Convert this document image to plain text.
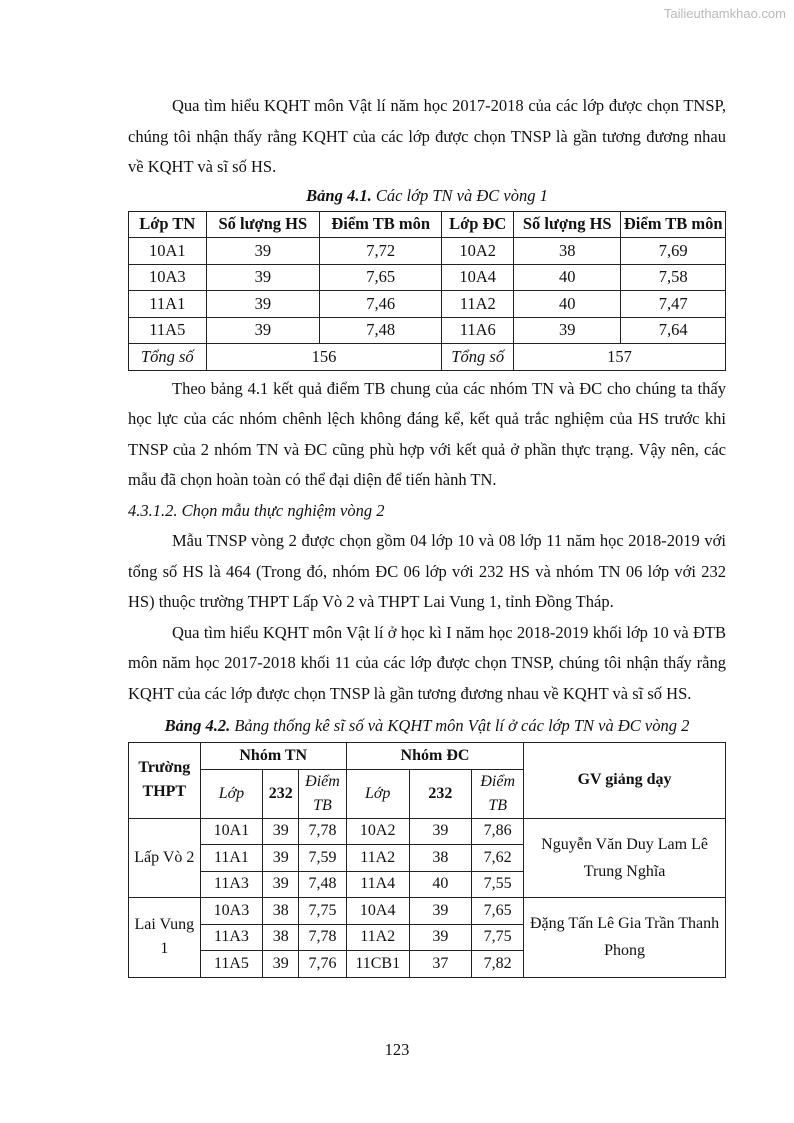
Tailieuthamkhao.com

Qua tìm hiểu KQHT môn Vật lí năm học 2017-2018 của các lớp được chọn TNSP, chúng tôi nhận thấy rằng KQHT của các lớp được chọn TNSP là gần tương đương nhau về KQHT và sĩ số HS.

Bảng 4.1. Các lớp TN và ĐC vòng 1
Lớp TN	Số lượng HS	Điểm TB môn	Lớp ĐC	Số lượng HS	Điểm TB môn
10A1	39	7,72	10A2	38	7,69
10A3	39	7,65	10A4	40	7,58
11A1	39	7,46	11A2	40	7,47
11A5	39	7,48	11A6	39	7,64
Tổng số	156		Tổng số	157	

Theo bảng 4.1 kết quả điểm TB chung của các nhóm TN và ĐC cho chúng ta thấy học lực của các nhóm chênh lệch không đáng kể, kết quả trắc nghiệm của HS trước khi TNSP của 2 nhóm TN và ĐC cũng phù hợp với kết quả ở phần thực trạng. Vậy nên, các mẫu đã chọn hoàn toàn có thể đại diện để tiến hành TN.

4.3.1.2. Chọn mẫu thực nghiệm vòng 2

Mẫu TNSP vòng 2 được chọn gồm 04 lớp 10 và 08 lớp 11 năm học 2018-2019 với tổng số HS là 464 (Trong đó, nhóm ĐC 06 lớp với 232 HS và nhóm TN 06 lớp với 232 HS) thuộc trường THPT Lấp Vò 2 và THPT Lai Vung 1, tỉnh Đồng Tháp.

Qua tìm hiểu KQHT môn Vật lí ở học kì I năm học 2018-2019 khối lớp 10 và ĐTB môn năm học 2017-2018 khối 11 của các lớp được chọn TNSP, chúng tôi nhận thấy rằng KQHT của các lớp được chọn TNSP là gần tương đương nhau về KQHT và sĩ số HS.

Bảng 4.2. Bảng thống kê sĩ số và KQHT môn Vật lí ở các lớp TN và ĐC vòng 2
Trường THPT	Nhóm TN			Nhóm ĐC			GV giảng dạy
	Lớp	232	Điểm TB	Lớp	232	Điểm TB	
Lấp Vò 2	10A1	39	7,78	10A2	39	7,86	Nguyễn Văn Duy Lam Lê Trung Nghĩa
	11A1	39	7,59	11A2	38	7,62	
	11A3	39	7,48	11A4	40	7,55	
Lai Vung 1	10A3	38	7,75	10A4	39	7,65	Đặng Tấn Lê Gia Trần Thanh Phong
	11A3	38	7,78	11A2	39	7,75	
	11A5	39	7,76	11CB1	37	7,82	
123
